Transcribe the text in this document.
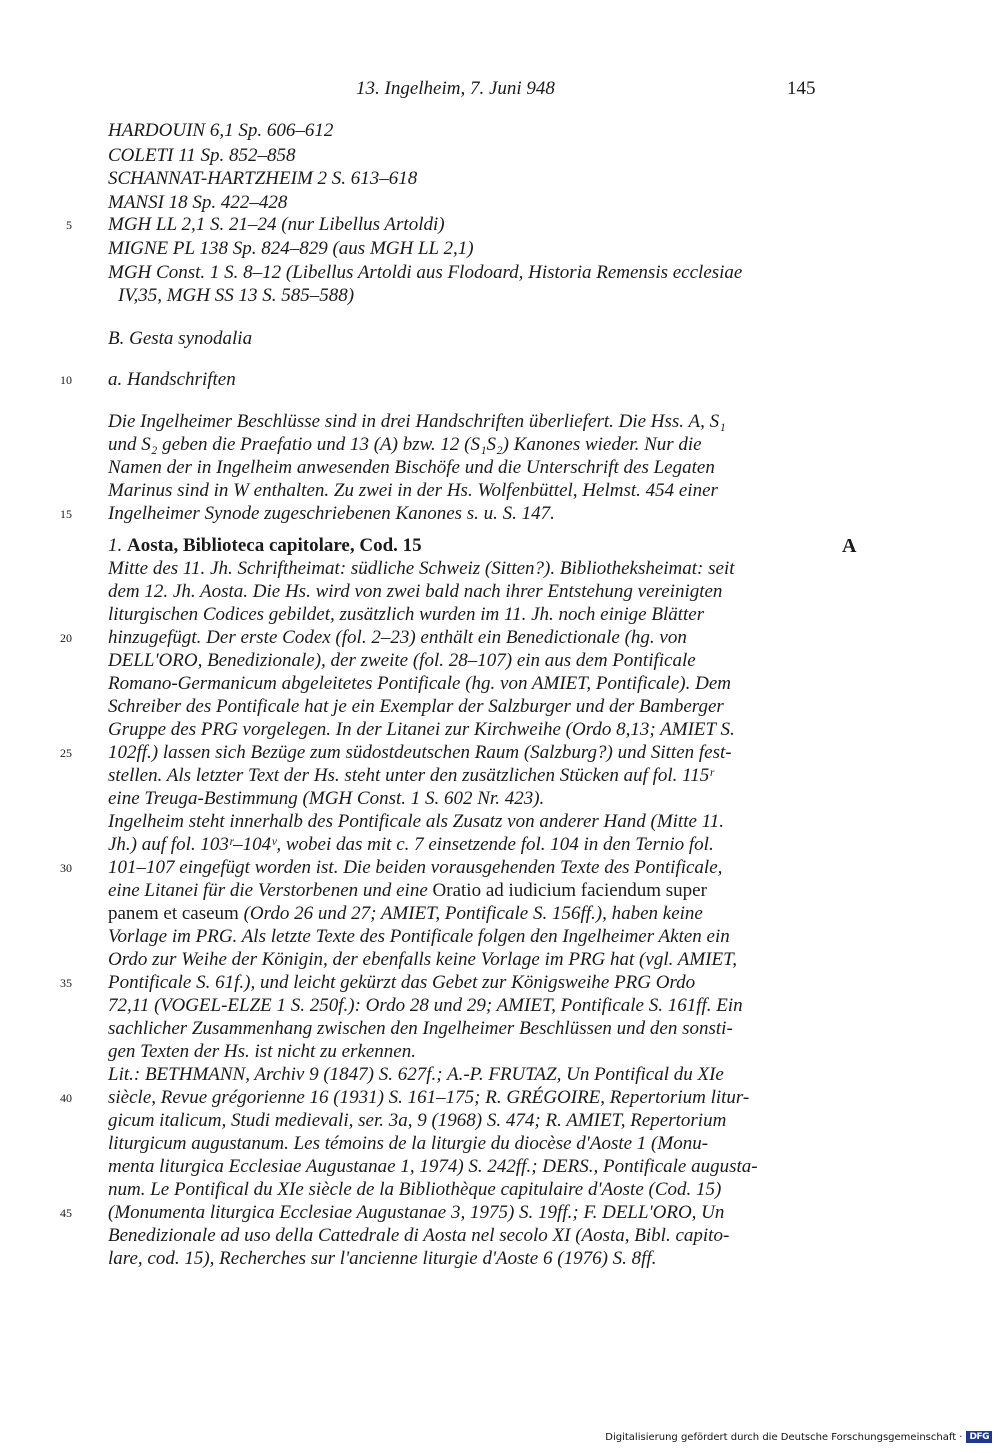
13. Ingelheim, 7. Juni 948	145
HARDOUIN 6,1 Sp. 606–612
COLETI 11 Sp. 852–858
SCHANNAT-HARTZHEIM 2 S. 613–618
MANSI 18 Sp. 422–428
5 MGH LL 2,1 S. 21–24 (nur Libellus Artoldi)
MIGNE PL 138 Sp. 824–829 (aus MGH LL 2,1)
MGH Const. 1 S. 8–12 (Libellus Artoldi aus Flodoard, Historia Remensis ecclesiae
IV,35, MGH SS 13 S. 585–588)
B. Gesta synodalia
10 a. Handschriften
Die Ingelheimer Beschlüsse sind in drei Handschriften überliefert. Die Hss. A, S₁
und S₂ geben die Praefatio und 13 (A) bzw. 12 (S₁S₂) Kanones wieder. Nur die
Namen der in Ingelheim anwesenden Bischöfe und die Unterschrift des Legaten
Marinus sind in W enthalten. Zu zwei in der Hs. Wolfenbüttel, Helmst. 454 einer
15 Ingelheimer Synode zugeschriebenen Kanones s. u. S. 147.
1. Aosta, Biblioteca capitolare, Cod. 15	A
Mitte des 11. Jh. Schriftheimat: südliche Schweiz (Sitten?). Bibliotheksheimat: seit
dem 12. Jh. Aosta. Die Hs. wird von zwei bald nach ihrer Entstehung vereinigten
liturgischen Codices gebildet, zusätzlich wurden im 11. Jh. noch einige Blätter
20 hinzugefügt. Der erste Codex (fol. 2–23) enthält ein Benedictionale (hg. von
DELL'ORO, Benedizionale), der zweite (fol. 28–107) ein aus dem Pontificale
Romano-Germanicum abgeleitetes Pontificale (hg. von AMIET, Pontificale). Dem
Schreiber des Pontificale hat je ein Exemplar der Salzburger und der Bamberger
Gruppe des PRG vorgelegen. In der Litanei zur Kirchweihe (Ordo 8,13; AMIET S.
25 102ff.) lassen sich Bezüge zum südostdeutschen Raum (Salzburg?) und Sitten fest-
stellen. Als letzter Text der Hs. steht unter den zusätzlichen Stücken auf fol. 115ʳ
eine Treuga-Bestimmung (MGH Const. 1 S. 602 Nr. 423).
Ingelheim steht innerhalb des Pontificale als Zusatz von anderer Hand (Mitte 11.
Jh.) auf fol. 103ʳ–104ᵛ, wobei das mit c. 7 einsetzende fol. 104 in den Ternio fol.
30 101–107 eingefügt worden ist. Die beiden vorausgehenden Texte des Pontificale,
eine Litanei für die Verstorbenen und eine Oratio ad iudicium faciendum super
panem et caseum (Ordo 26 und 27; AMIET, Pontificale S. 156ff.), haben keine
Vorlage im PRG. Als letzte Texte des Pontificale folgen den Ingelheimer Akten ein
Ordo zur Weihe der Königin, der ebenfalls keine Vorlage im PRG hat (vgl. AMIET,
35 Pontificale S. 61f.), und leicht gekürzt das Gebet zur Königsweihe PRG Ordo
72,11 (VOGEL-ELZE 1 S. 250f.): Ordo 28 und 29; AMIET, Pontificale S. 161ff. Ein
sachlicher Zusammenhang zwischen den Ingelheimer Beschlüssen und den sonsti-
gen Texten der Hs. ist nicht zu erkennen.
Lit.: BETHMANN, Archiv 9 (1847) S. 627f.; A.-P. FRUTAZ, Un Pontifical du XIe
40 siècle, Revue grégorienne 16 (1931) S. 161–175; R. GRÉGOIRE, Repertorium litur-
gicum italicum, Studi medievali, ser. 3a, 9 (1968) S. 474; R. AMIET, Repertorium
liturgicum augustanum. Les témoins de la liturgie du diocèse d'Aoste 1 (Monu-
menta liturgica Ecclesiae Augustanae 1, 1974) S. 242ff.; DERS., Pontificale augusta-
num. Le Pontifical du XIe siècle de la Bibliothèque capitulaire d'Aoste (Cod. 15)
45 (Monumenta liturgica Ecclesiae Augustanae 3, 1975) S. 19ff.; F. DELL'ORO, Un
Benedizionale ad uso della Cattedrale di Aosta nel secolo XI (Aosta, Bibl. capito-
lare, cod. 15), Recherches sur l'ancienne liturgie d'Aoste 6 (1976) S. 8ff.
Digitalisierung gefördert durch die Deutsche Forschungsgemeinschaft · DFG
